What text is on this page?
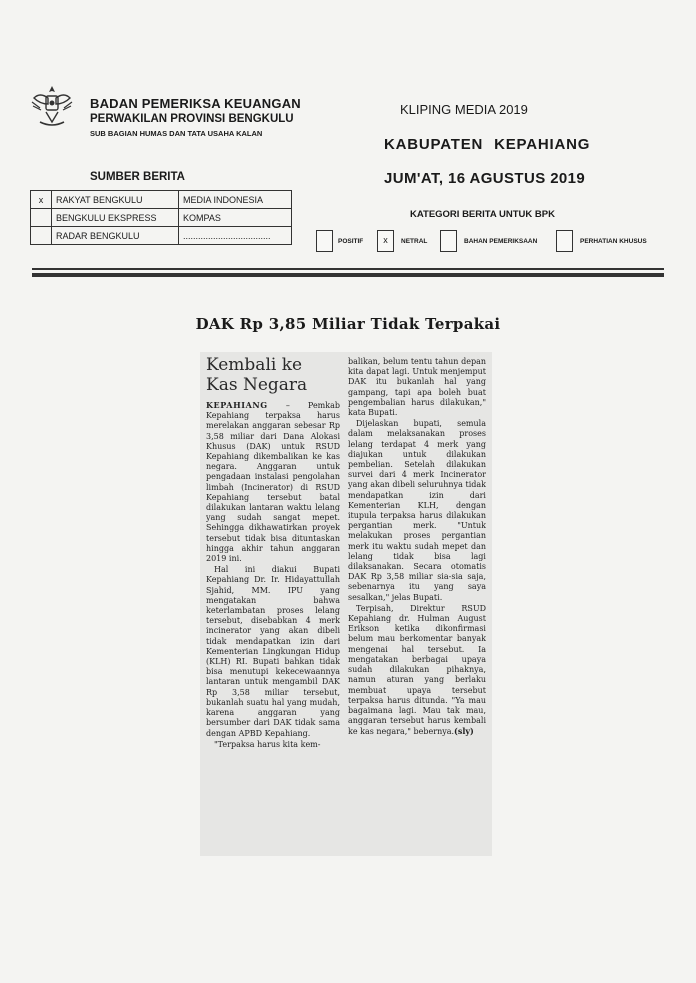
BADAN PEMERIKSA KEUANGAN
PERWAKILAN PROVINSI BENGKULU
SUB BAGIAN HUMAS DAN TATA USAHA KALAN
KLIPING MEDIA 2019
KABUPATEN KEPAHIANG
JUM'AT, 16 AGUSTUS 2019
SUMBER BERITA
x	RAKYAT BENGKULU	MEDIA INDONESIA
	BENGKULU EKSPRESS	KOMPAS
	RADAR BENGKULU	...................................
KATEGORI BERITA UNTUK BPK
POSITIF	x	NETRAL	BAHAN PEMERIKSAAN	PERHATIAN KHUSUS
DAK Rp 3,85 Miliar Tidak Terpakai
Kembali ke
Kas Negara

KEPAHIANG – Pemkab Kepahiang terpaksa harus merelakan anggaran sebesar Rp 3,58 miliar dari Dana Alokasi Khusus (DAK) untuk RSUD Kepahiang dikembalikan ke kas negara. Anggaran untuk pengadaan instalasi pengolahan limbah (Incinerator) di RSUD Kepahiang tersebut batal dilakukan lantaran waktu lelang yang sudah sangat mepet. Sehingga dikhawatirkan proyek tersebut tidak bisa dituntaskan hingga akhir tahun anggaran 2019 ini.

Hal ini diakui Bupati Kepahiang Dr. Ir. Hidayattullah Sjahid, MM. IPU yang mengatakan bahwa keterlambatan proses lelang tersebut, disebabkan 4 merk incinerator yang akan dibeli tidak mendapatkan izin dari Kementerian Lingkungan Hidup (KLH) RI. Bupati bahkan tidak bisa menutupi kekecewaannya lantaran untuk mengambil DAK Rp 3,58 miliar tersebut, bukanlah suatu hal yang mudah, karena anggaran yang bersumber dari DAK tidak sama dengan APBD Kepahiang.

"Terpaksa harus kita kem-

balikan, belum tentu tahun depan kita dapat lagi. Untuk menjemput DAK itu bukanlah hal yang gampang, tapi apa boleh buat pengembalian harus dilakukan," kata Bupati.

Dijelaskan bupati, semula dalam melaksanakan proses lelang terdapat 4 merk yang diajukan untuk dilakukan pembelian. Setelah dilakukan survei dari 4 merk Incinerator yang akan dibeli seluruhnya tidak mendapatkan izin dari Kementerian KLH, dengan itupula terpaksa harus dilakukan pergantian merk. "Untuk melakukan proses pergantian merk itu waktu sudah mepet dan lelang tidak bisa lagi dilaksanakan. Secara otomatis DAK Rp 3,58 miliar sia-sia saja, sebenarnya itu yang saya sesalkan," jelas Bupati.

Terpisah, Direktur RSUD Kepahiang dr. Hulman August Erikson ketika dikonfirmasi belum mau berkomentar banyak mengenai hal tersebut. Ia mengatakan berbagai upaya sudah dilakukan pihaknya, namun aturan yang berlaku membuat upaya tersebut terpaksa harus ditunda. "Ya mau bagaimana lagi. Mau tak mau, anggaran tersebut harus kembali ke kas negara," bebernya.(sly)
